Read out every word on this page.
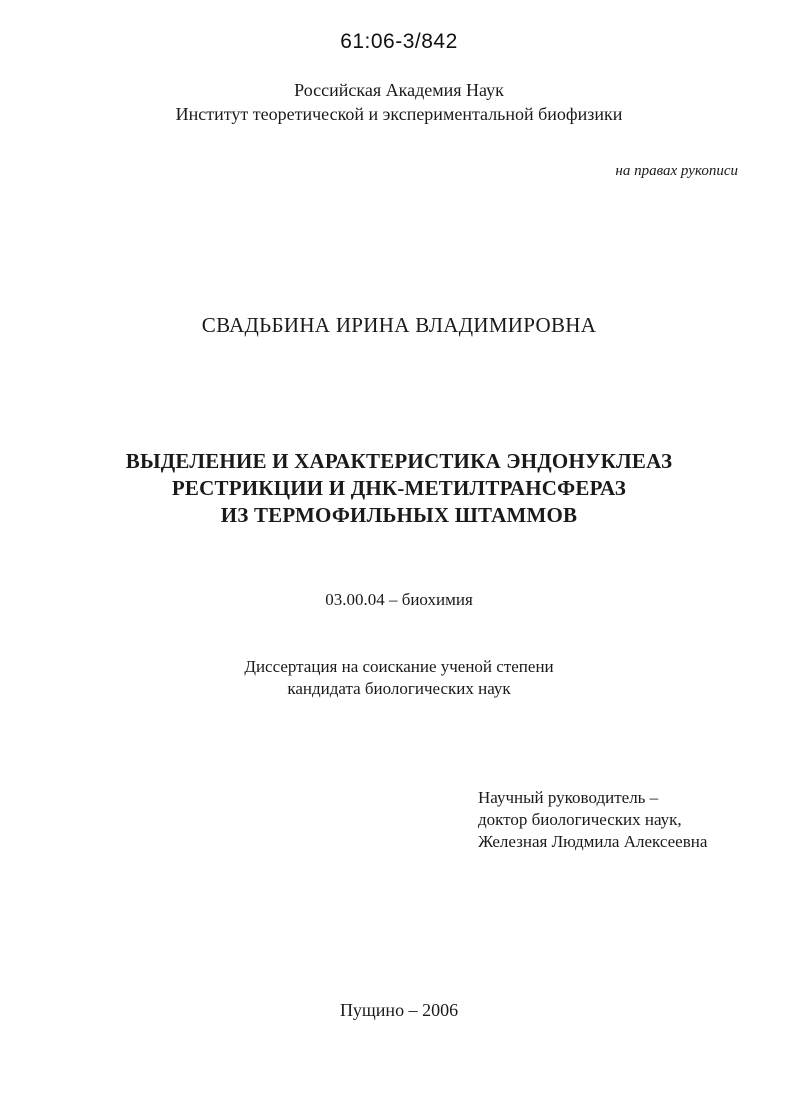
61:06-3/842
Российская Академия Наук
Институт теоретической и экспериментальной биофизики
на правах рукописи
СВАДЬБИНА ИРИНА ВЛАДИМИРОВНА
ВЫДЕЛЕНИЕ И ХАРАКТЕРИСТИКА ЭНДОНУКЛЕАЗ
РЕСТРИКЦИИ И ДНК-МЕТИЛТРАНСФЕРАЗ
ИЗ ТЕРМОФИЛЬНЫХ ШТАММОВ
03.00.04 – биохимия
Диссертация на соискание ученой степени
кандидата биологических наук
Научный руководитель –
доктор биологических наук,
Железная Людмила Алексеевна
Пущино – 2006
